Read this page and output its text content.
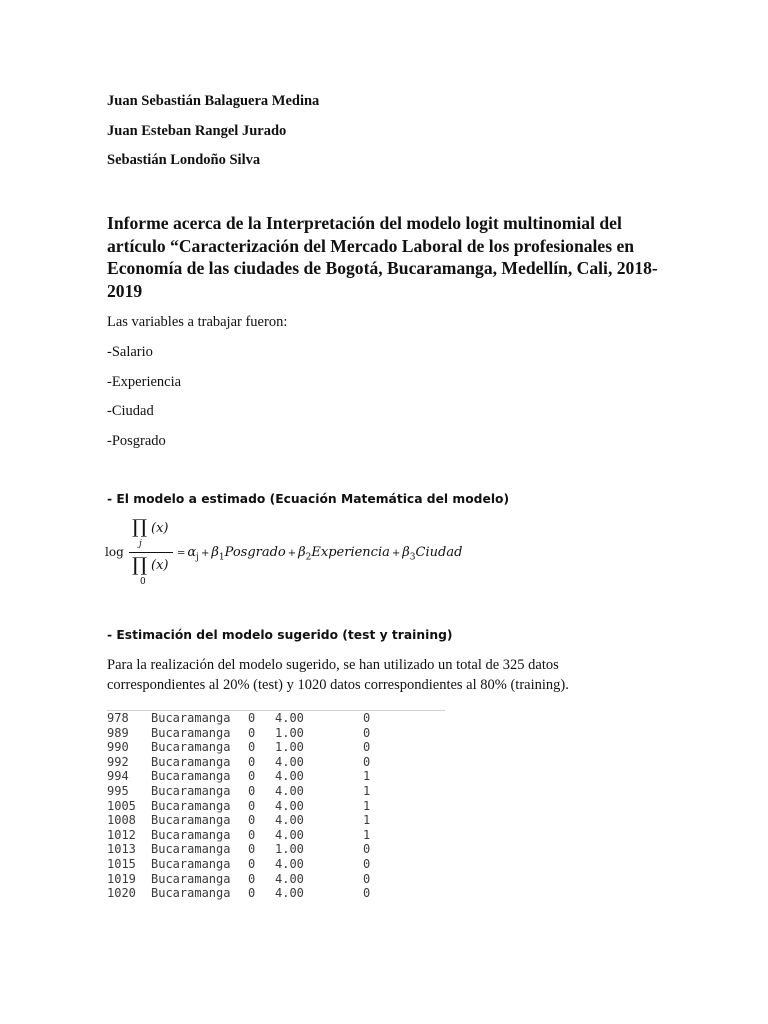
Juan Sebastián Balaguera Medina
Juan Esteban Rangel Jurado
Sebastián Londoño Silva
Informe acerca de la Interpretación del modelo logit multinomial del
artículo “Caracterización del Mercado Laboral de los profesionales en
Economía de las ciudades de Bogotá, Bucaramanga, Medellín, Cali, 2018-
2019
Las variables a trabajar fueron:
-Salario
-Experiencia
-Ciudad
-Posgrado
- El modelo a estimado (Ecuación Matemática del modelo)
log
∏ (x)
j
∏ (x)
0
= $\alpha_j$ + $\beta_1Posgrado$ + $\beta_2Experiencia$ + $\beta_3Ciudad$
- Estimación del modelo sugerido (test y training)

Para la realización del modelo sugerido, se han utilizado un total de 325 datos
correspondientes al 20% (test) y 1020 datos correspondientes al 80% (training).

978	Bucaramanga	0	4.00	0
989	Bucaramanga	0	1.00	0
990	Bucaramanga	0	1.00	0
992	Bucaramanga	0	4.00	0
994	Bucaramanga	0	4.00	1
995	Bucaramanga	0	4.00	1
1005	Bucaramanga	0	4.00	1
1008	Bucaramanga	0	4.00	1
1012	Bucaramanga	0	4.00	1
1013	Bucaramanga	0	1.00	0
1015	Bucaramanga	0	4.00	0
1019	Bucaramanga	0	4.00	0
1020	Bucaramanga	0	4.00	0
